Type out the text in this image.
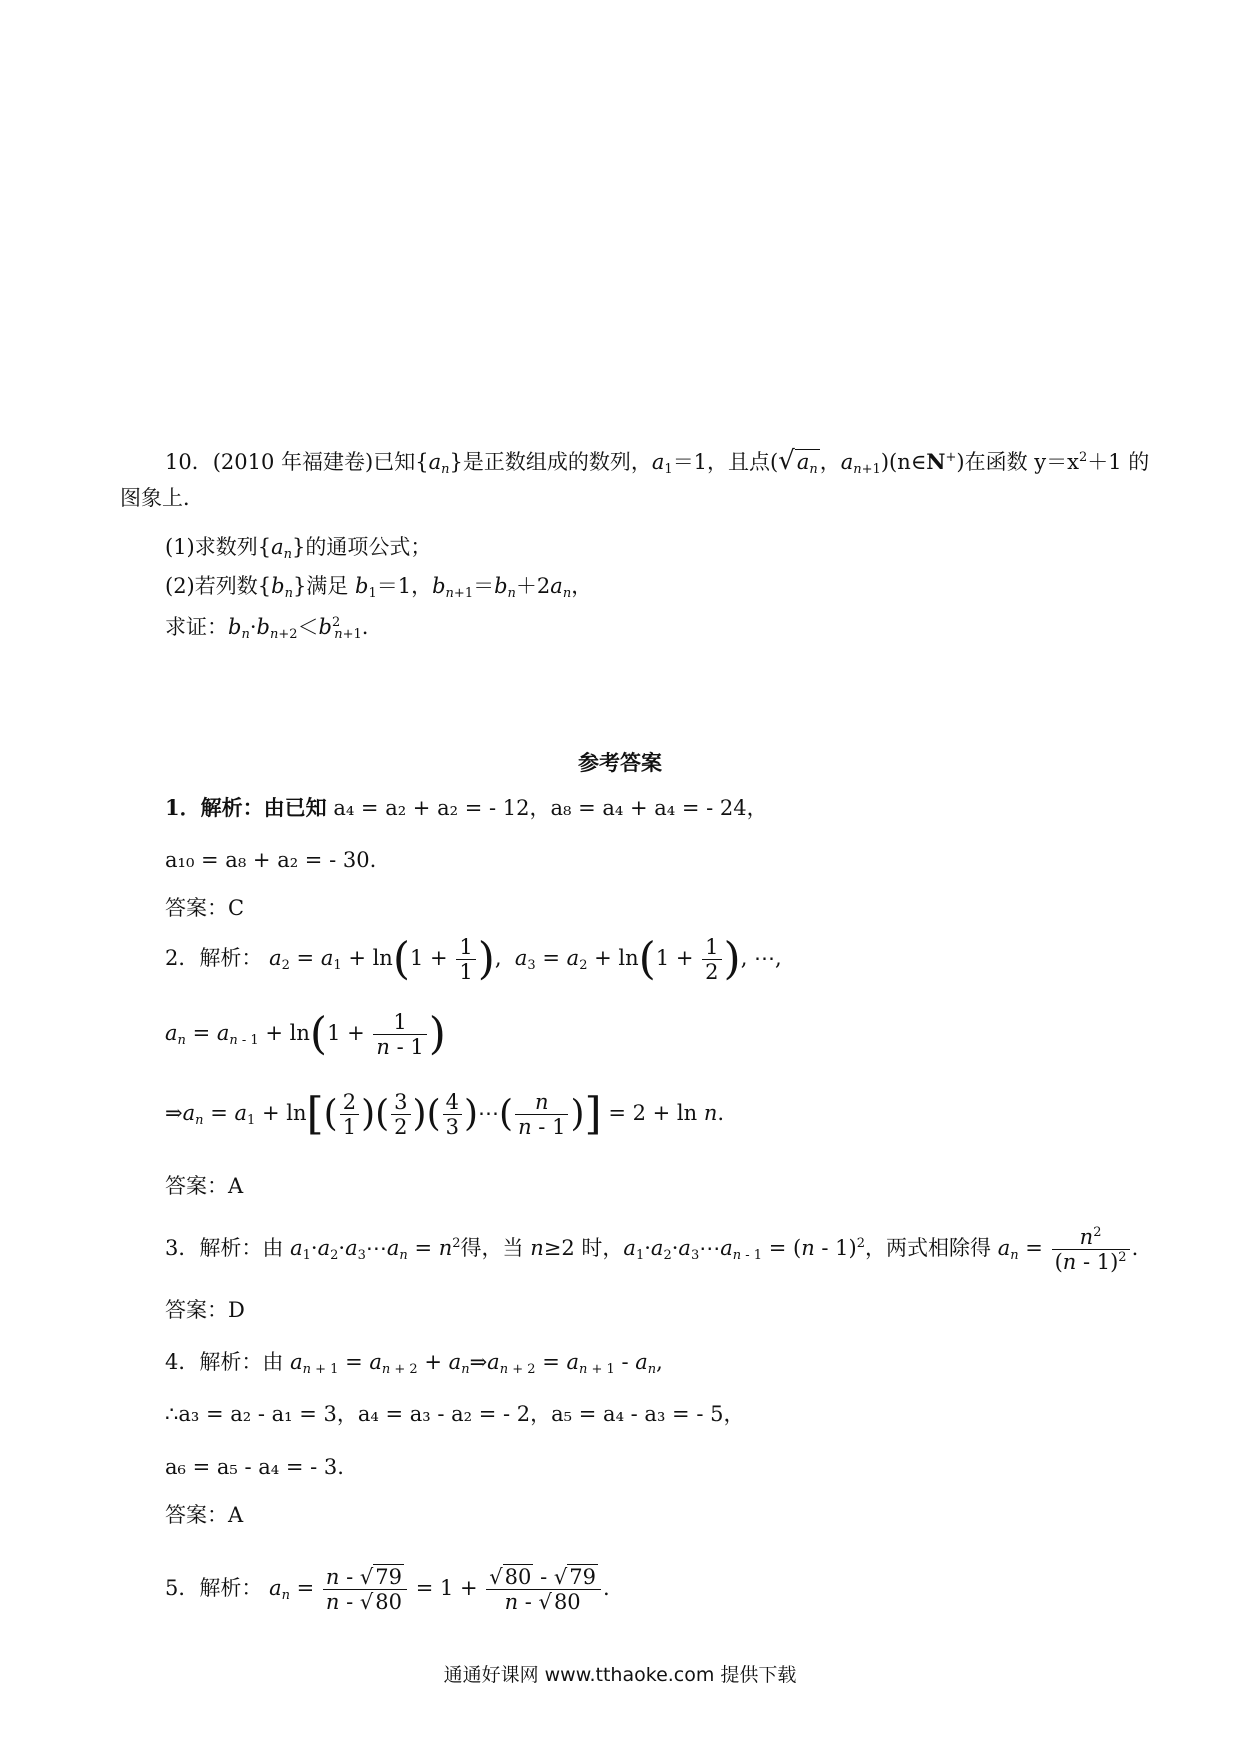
10．(2010 年福建卷)已知$\{a_n\}$是正数组成的数列，$a_1=1$，且点($√a_n$，$a_{n+1})(n\in N^+)$在函数 $y=x^2+1$ 的
图象上．
(1)求数列$\{a_n\}$的通项公式；
(2)若列数$\{b_n\}$满足 $b_1=1$，$b_{n+1}=b_n+2a_n$，
求证：$b_n\cdot b_{n+2}<b^2_{n+1}$.
参考答案
1．解析：由已知 a₄ = a₂ + a₂ = - 12，a₈ = a₄ + a₄ = - 24，
a₁₀ = a₈ + a₂ = - 30.
答案：C
2．解析： $a_2 = a_1 + \ln(1 + \frac{1}{1}$ ),  $a_3 = a_2 + \ln(1 + \frac{1}{2}$ ), ⋯,
$a_n = a_{n - 1} + \ln(1 + \frac{1}{n - 1}$ )
$\Rightarrow a_n = a_1 + \ln[( \frac{2}{1}$ )( $\frac{3}{2}$ )( $\frac{4}{3}$ )⋯( $\frac{n}{n - 1}$ )] = 2 + ln n.
答案：A
3．解析：由 $a_1\cdot a_2\cdot a_3\cdots a_n = n^2$得，当 n≥2 时，$a_1\cdot a_2\cdot a_3\cdots a_{n - 1} = (n - 1)^2$，两式相除得 $a_n = \frac{n^2}{(n - 1)^2}$ .
答案：D
4．解析：由 $a_{n + 1} = a_{n + 2}$ + $a_n\Rightarrow a_{n + 2} = a_{n + 1} - a_n$,
∴a₃ = a₂ - a₁ = 3，a₄ = a₃ - a₂ = - 2，a₅ = a₄ - a₃ = - 5，
a₆ = a₅ - a₄ = - 3.
答案：A
5．解析： $a_n = \frac{n - √79}{n - √80} = 1 + \frac{√80 - √79}{n - √80}$ .
通通好课网 www.tthaoke.com 提供下载
